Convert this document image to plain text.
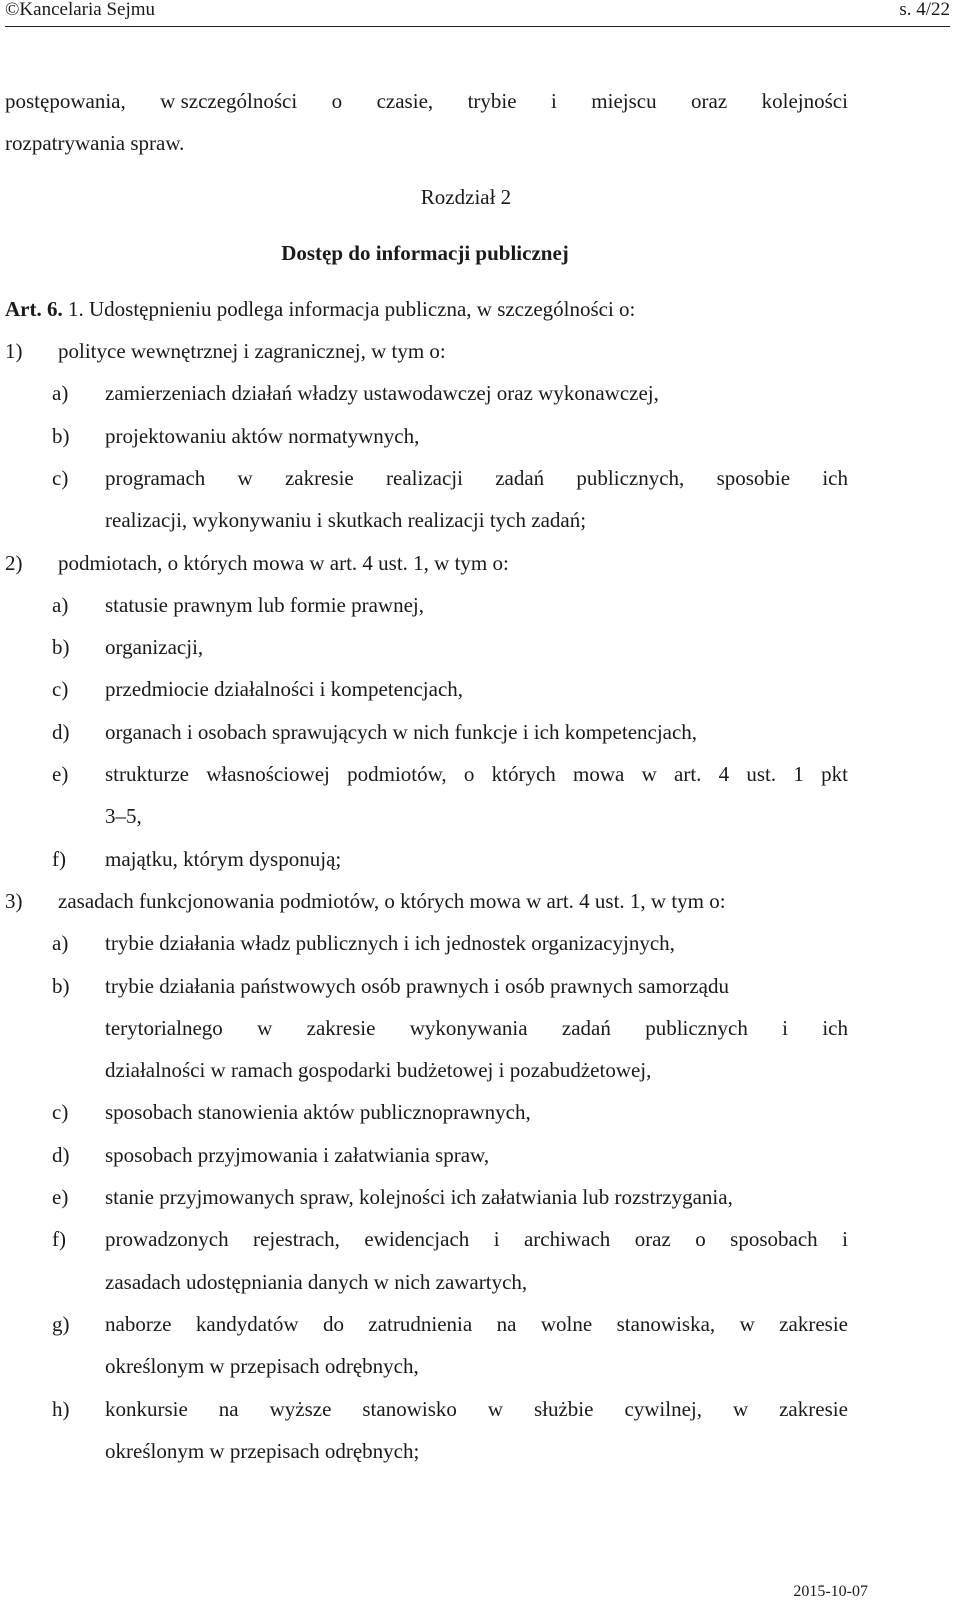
©Kancelaria Sejmu	s. 4/22
postępowania, w szczególności o czasie, trybie i miejscu oraz kolejności
rozpatrywania spraw.
Rozdział 2
Dostęp do informacji publicznej
Art. 6. 1. Udostępnieniu podlega informacja publiczna, w szczególności o:
1)	polityce wewnętrznej i zagranicznej, w tym o:
a)	zamierzeniach działań władzy ustawodawczej oraz wykonawczej,
b)	projektowaniu aktów normatywnych,
c)	programach w zakresie realizacji zadań publicznych, sposobie ich
realizacji, wykonywaniu i skutkach realizacji tych zadań;
2)	podmiotach, o których mowa w art. 4 ust. 1, w tym o:
a)	statusie prawnym lub formie prawnej,
b)	organizacji,
c)	przedmiocie działalności i kompetencjach,
d)	organach i osobach sprawujących w nich funkcje i ich kompetencjach,
e)	strukturze własnościowej podmiotów, o których mowa w art. 4 ust. 1 pkt
3–5,
f)	majątku, którym dysponują;
3)	zasadach funkcjonowania podmiotów, o których mowa w art. 4 ust. 1, w tym o:
a)	trybie działania władz publicznych i ich jednostek organizacyjnych,
b)	trybie działania państwowych osób prawnych i osób prawnych samorządu
terytorialnego w zakresie wykonywania zadań publicznych i ich
działalności w ramach gospodarki budżetowej i pozabudżetowej,
c)	sposobach stanowienia aktów publicznoprawnych,
d)	sposobach przyjmowania i załatwiania spraw,
e)	stanie przyjmowanych spraw, kolejności ich załatwiania lub rozstrzygania,
f)	prowadzonych rejestrach, ewidencjach i archiwach oraz o sposobach i
zasadach udostępniania danych w nich zawartych,
g)	naborze kandydatów do zatrudnienia na wolne stanowiska, w zakresie
określonym w przepisach odrębnych,
h)	konkursie na wyższe stanowisko w służbie cywilnej, w zakresie
określonym w przepisach odrębnych;
2015-10-07
